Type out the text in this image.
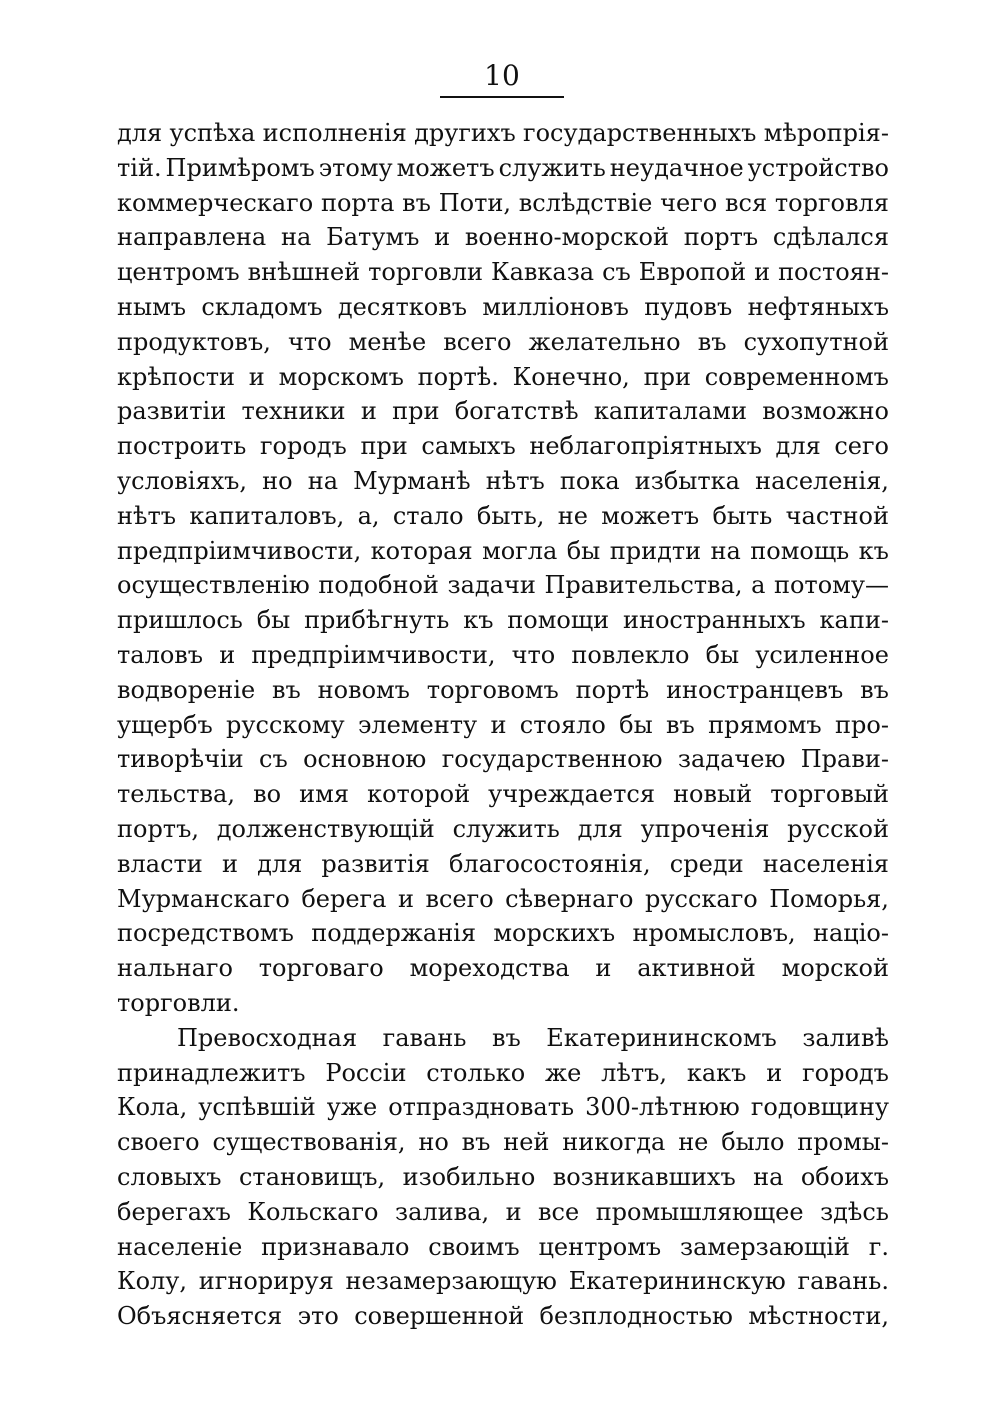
10
для успѣха исполненія другихъ государственныхъ мѣропрія-
тій. Примѣромъ этому можетъ служить неудачное устройство
коммерческаго порта въ Поти, вслѣдствіе чего вся торговля
направлена на Батумъ и военно-морской портъ сдѣлался
центромъ внѣшней торговли Кавказа съ Европой и постоян-
нымъ складомъ десятковъ милліоновъ пудовъ нефтяныхъ
продуктовъ, что менѣе всего желательно въ сухопутной
крѣпости и морскомъ портѣ. Конечно, при современномъ
развитіи техники и при богатствѣ капиталами возможно
построить городъ при самыхъ неблагопріятныхъ для сего
условіяхъ, но на Мурманѣ нѣтъ пока избытка населенія,
нѣтъ капиталовъ, а, стало быть, не можетъ быть частной
предпріимчивости, которая могла бы придти на помощь къ
осуществленію подобной задачи Правительства, а потому—
пришлось бы прибѣгнуть къ помощи иностранныхъ капи-
таловъ и предпріимчивости, что повлекло бы усиленное
водвореніе въ новомъ торговомъ портѣ иностранцевъ въ
ущербъ русскому элементу и стояло бы въ прямомъ про-
тиворѣчіи съ основною государственною задачею Прави-
тельства, во имя которой учреждается новый торговый
портъ, долженствующій служить для упроченія русской
власти и для развитія благосостоянія, среди населенія
Мурманскаго берега и всего сѣвернаго русскаго Поморья,
посредствомъ поддержанія морскихъ нромысловъ, націо-
нальнаго торговаго мореходства и активной морской
торговли.
Превосходная гавань въ Екатерининскомъ заливѣ
принадлежитъ Россіи столько же лѣтъ, какъ и городъ
Кола, успѣвшій уже отпраздновать 300-лѣтнюю годовщину
своего существованія, но въ ней никогда не было промы-
словыхъ становищъ, изобильно возникавшихъ на обоихъ
берегахъ Кольскаго залива, и все промышляющее здѣсь
населеніе признавало своимъ центромъ замерзающій г.
Колу, игнорируя незамерзающую Екатерининскую гавань.
Объясняется это совершенной безплодностью мѣстности,
